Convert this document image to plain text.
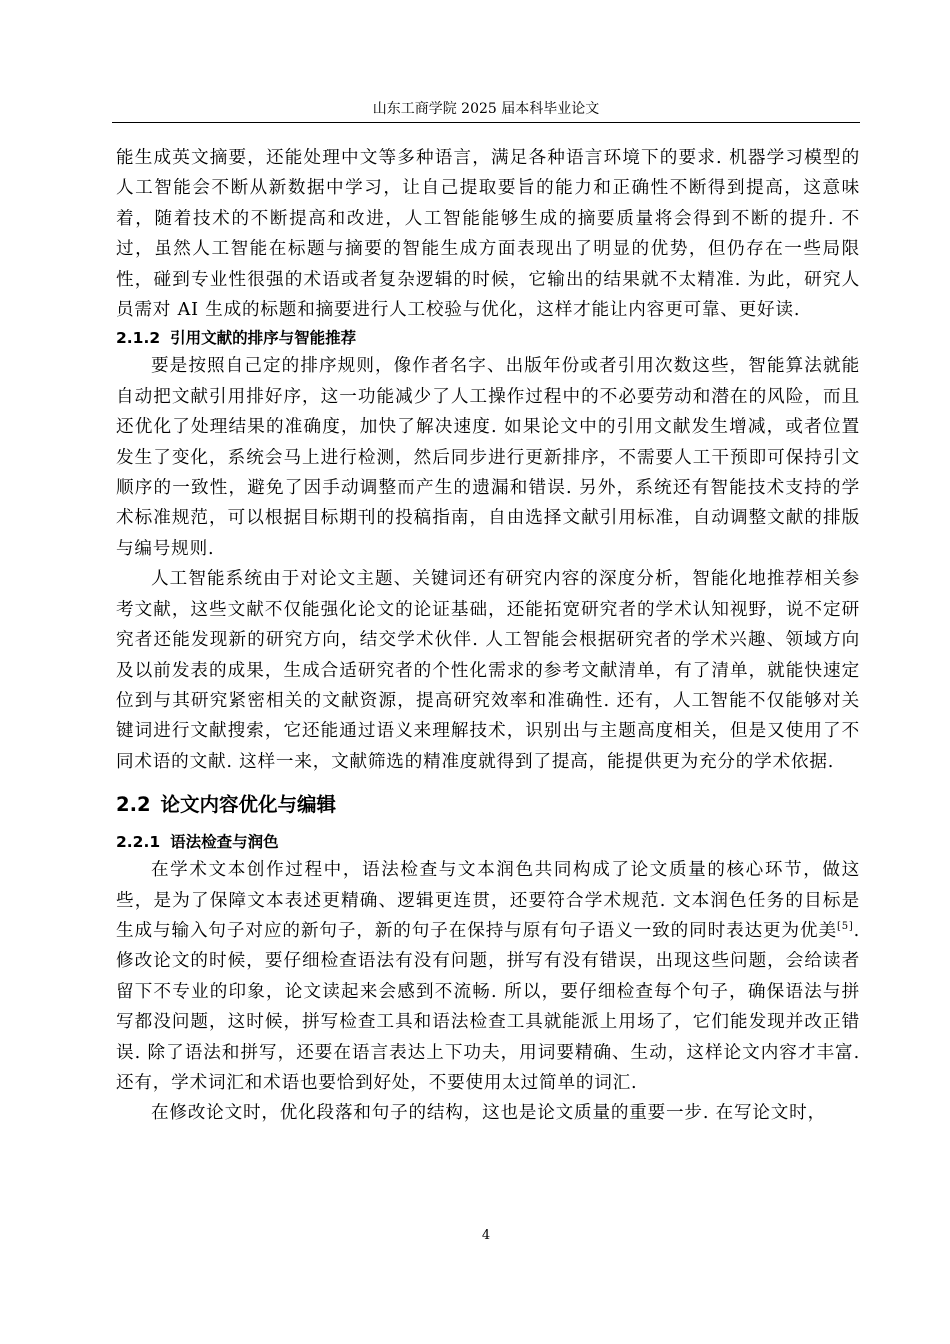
山东工商学院 2025 届本科毕业论文

能生成英文摘要，还能处理中文等多种语言，满足各种语言环境下的要求. 机器学习模型的人工智能会不断从新数据中学习，让自己提取要旨的能力和正确性不断得到提高，这意味着，随着技术的不断提高和改进，人工智能能够生成的摘要质量将会得到不断的提升. 不过，虽然人工智能在标题与摘要的智能生成方面表现出了明显的优势，但仍存在一些局限性，碰到专业性很强的术语或者复杂逻辑的时候，它输出的结果就不太精准. 为此，研究人员需对 AI 生成的标题和摘要进行人工校验与优化，这样才能让内容更可靠、更好读.

2.1.2 引用文献的排序与智能推荐

要是按照自己定的排序规则，像作者名字、出版年份或者引用次数这些，智能算法就能自动把文献引用排好序，这一功能减少了人工操作过程中的不必要劳动和潜在的风险，而且还优化了处理结果的准确度，加快了解决速度. 如果论文中的引用文献发生增减，或者位置发生了变化，系统会马上进行检测，然后同步进行更新排序，不需要人工干预即可保持引文顺序的一致性，避免了因手动调整而产生的遗漏和错误. 另外，系统还有智能技术支持的学术标准规范，可以根据目标期刊的投稿指南，自由选择文献引用标准，自动调整文献的排版与编号规则.

人工智能系统由于对论文主题、关键词还有研究内容的深度分析，智能化地推荐相关参考文献，这些文献不仅能强化论文的论证基础，还能拓宽研究者的学术认知视野，说不定研究者还能发现新的研究方向，结交学术伙伴. 人工智能会根据研究者的学术兴趣、领域方向及以前发表的成果，生成合适研究者的个性化需求的参考文献清单，有了清单，就能快速定位到与其研究紧密相关的文献资源，提高研究效率和准确性. 还有，人工智能不仅能够对关键词进行文献搜索，它还能通过语义来理解技术，识别出与主题高度相关，但是又使用了不同术语的文献. 这样一来，文献筛选的精准度就得到了提高，能提供更为充分的学术依据.

2.2 论文内容优化与编辑
2.2.1 语法检查与润色

在学术文本创作过程中，语法检查与文本润色共同构成了论文质量的核心环节，做这些，是为了保障文本表述更精确、逻辑更连贯，还要符合学术规范. 文本润色任务的目标是生成与输入句子对应的新句子，新的句子在保持与原有句子语义一致的同时表达更为优美[5]. 修改论文的时候，要仔细检查语法有没有问题，拼写有没有错误，出现这些问题，会给读者留下不专业的印象，论文读起来会感到不流畅. 所以，要仔细检查每个句子，确保语法与拼写都没问题，这时候，拼写检查工具和语法检查工具就能派上用场了，它们能发现并改正错误. 除了语法和拼写，还要在语言表达上下功夫，用词要精确、生动，这样论文内容才丰富. 还有，学术词汇和术语也要恰到好处，不要使用太过简单的词汇.

在修改论文时，优化段落和句子的结构，这也是论文质量的重要一步. 在写论文时，

4
